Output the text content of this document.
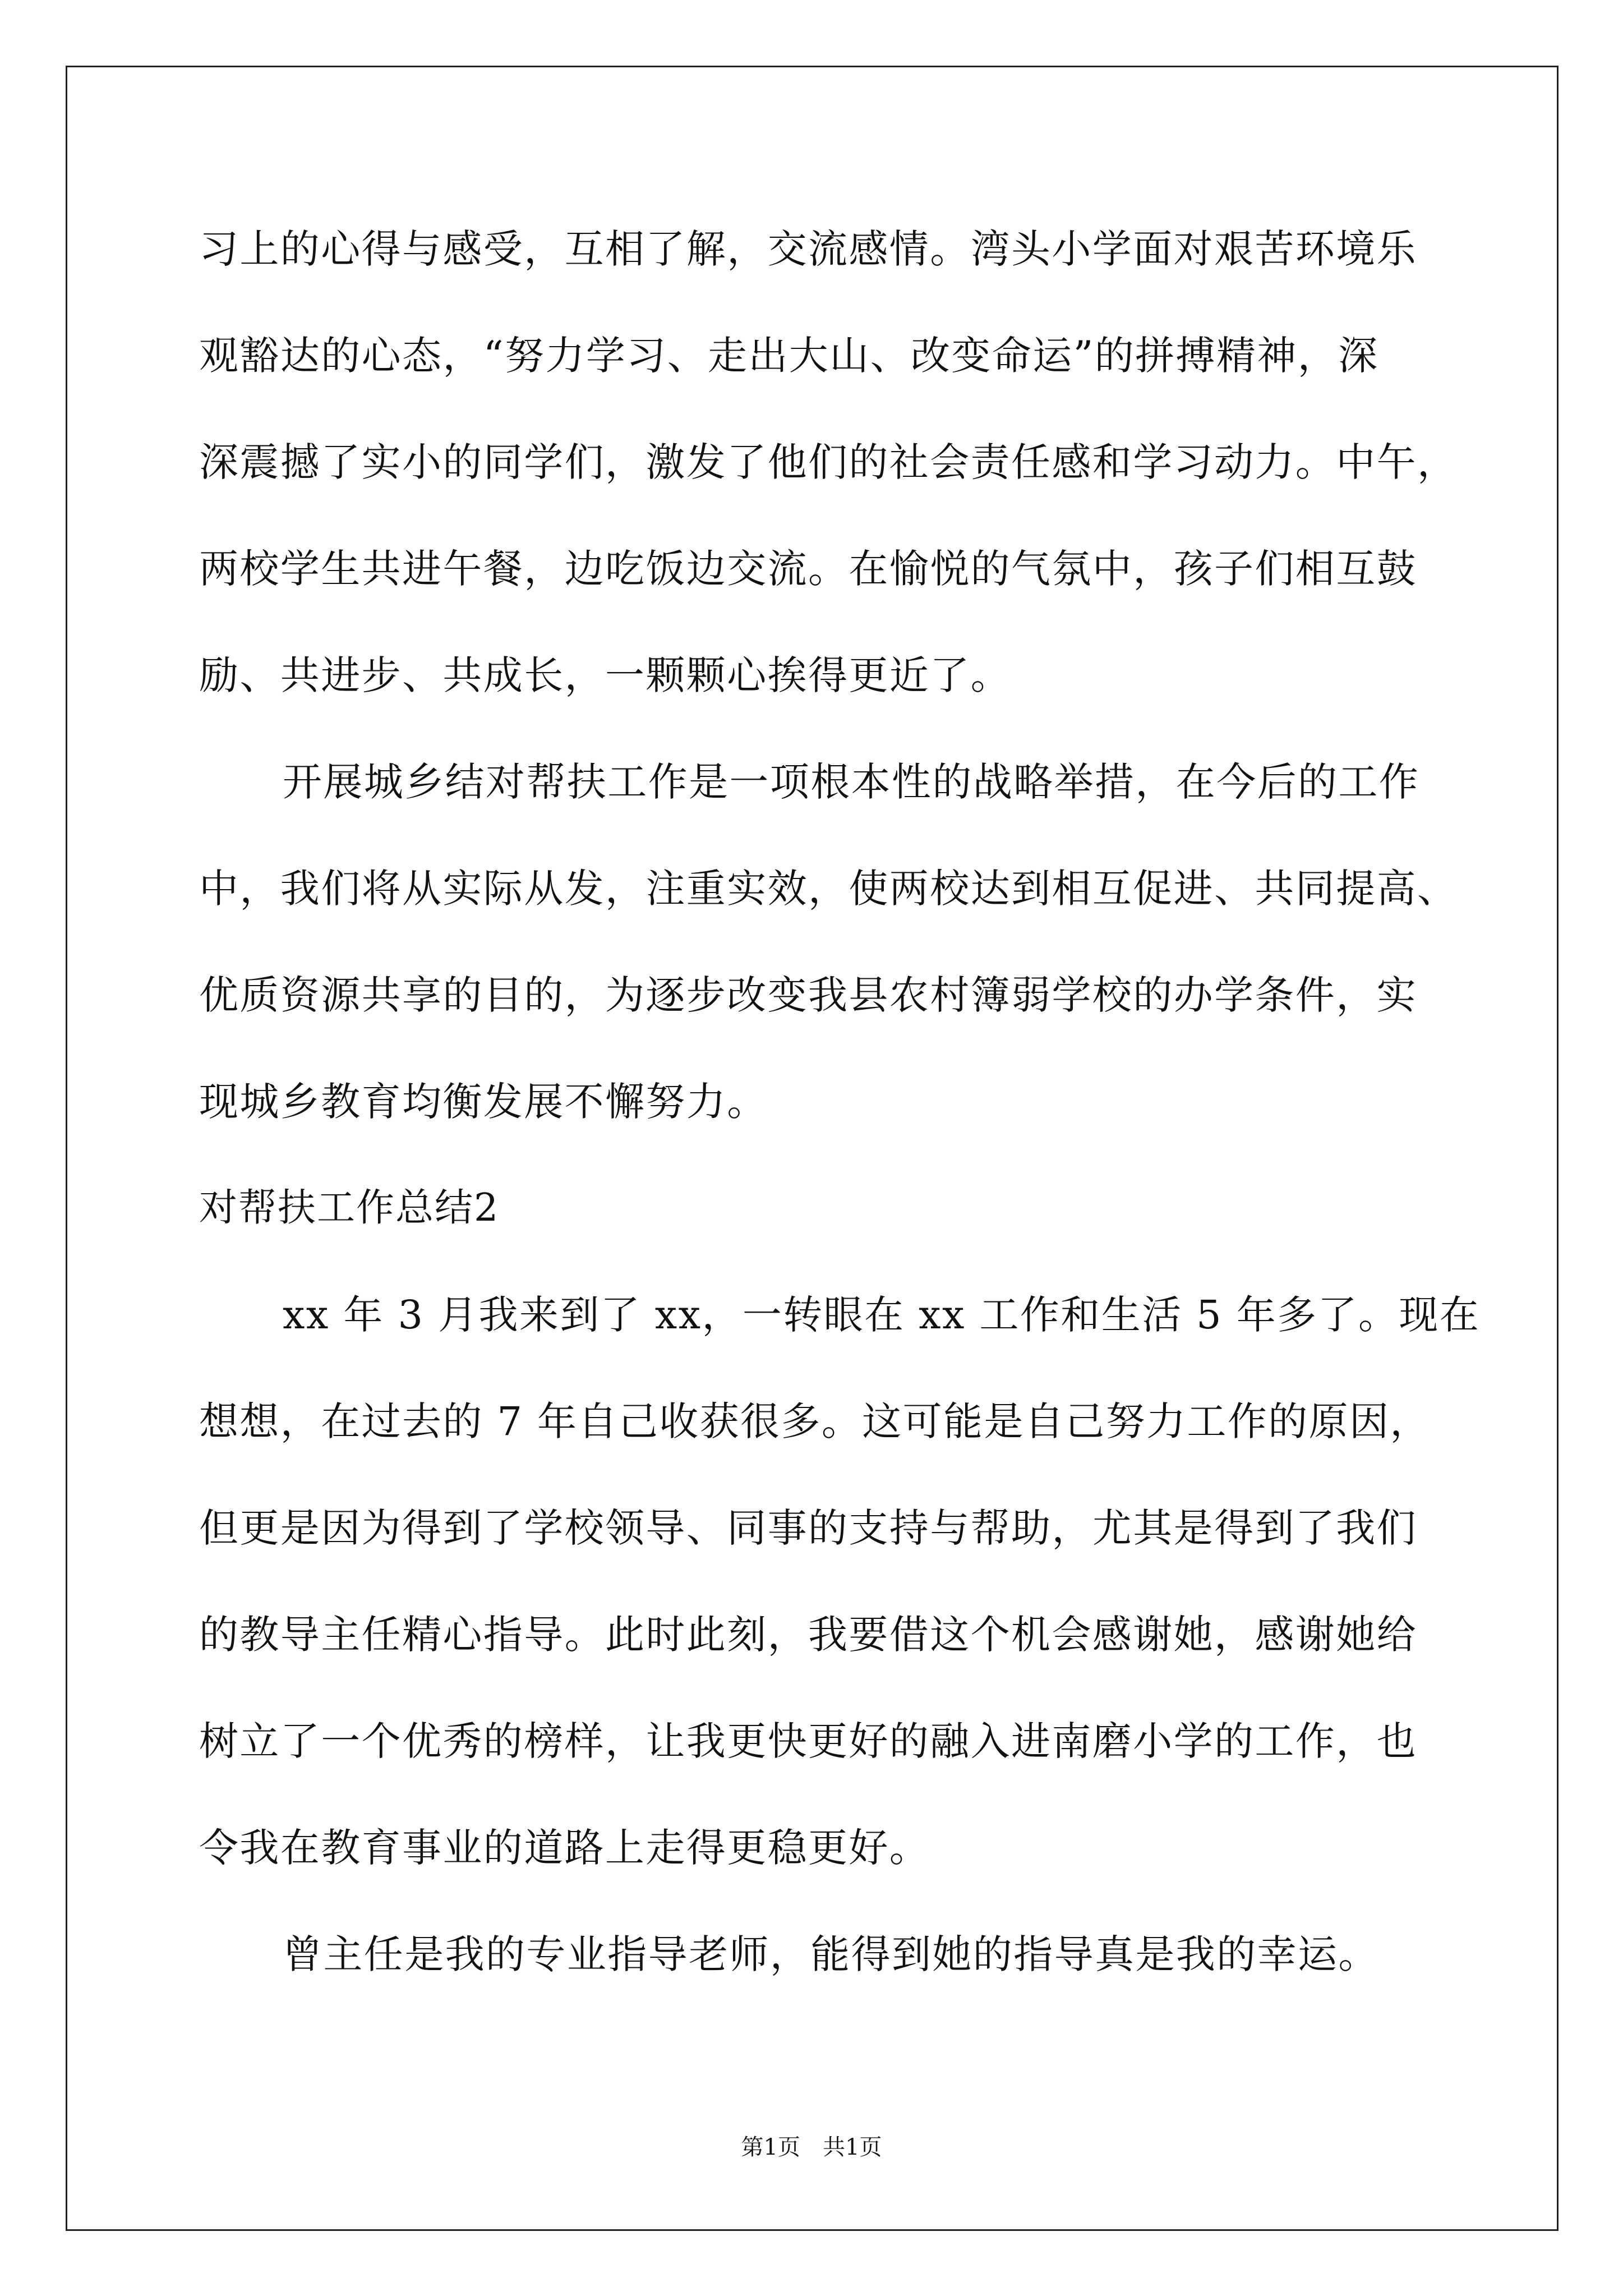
习上的心得与感受，互相了解，交流感情。湾头小学面对艰苦环境乐
观豁达的心态，“努力学习、走出大山、改变命运”的拼搏精神，深
深震撼了实小的同学们，激发了他们的社会责任感和学习动力。中午，
两校学生共进午餐，边吃饭边交流。在愉悦的气氛中，孩子们相互鼓
励、共进步、共成长，一颗颗心挨得更近了。
开展城乡结对帮扶工作是一项根本性的战略举措，在今后的工作
中，我们将从实际从发，注重实效，使两校达到相互促进、共同提高、
优质资源共享的目的，为逐步改变我县农村簿弱学校的办学条件，实
现城乡教育均衡发展不懈努力。
对帮扶工作总结2
xx 年 3 月我来到了 xx，一转眼在 xx 工作和生活 5 年多了。现在
想想，在过去的 7 年自己收获很多。这可能是自己努力工作的原因，
但更是因为得到了学校领导、同事的支持与帮助，尤其是得到了我们
的教导主任精心指导。此时此刻，我要借这个机会感谢她，感谢她给
树立了一个优秀的榜样，让我更快更好的融入进南磨小学的工作，也
令我在教育事业的道路上走得更稳更好。
曾主任是我的专业指导老师，能得到她的指导真是我的幸运。
第1页　共1页
